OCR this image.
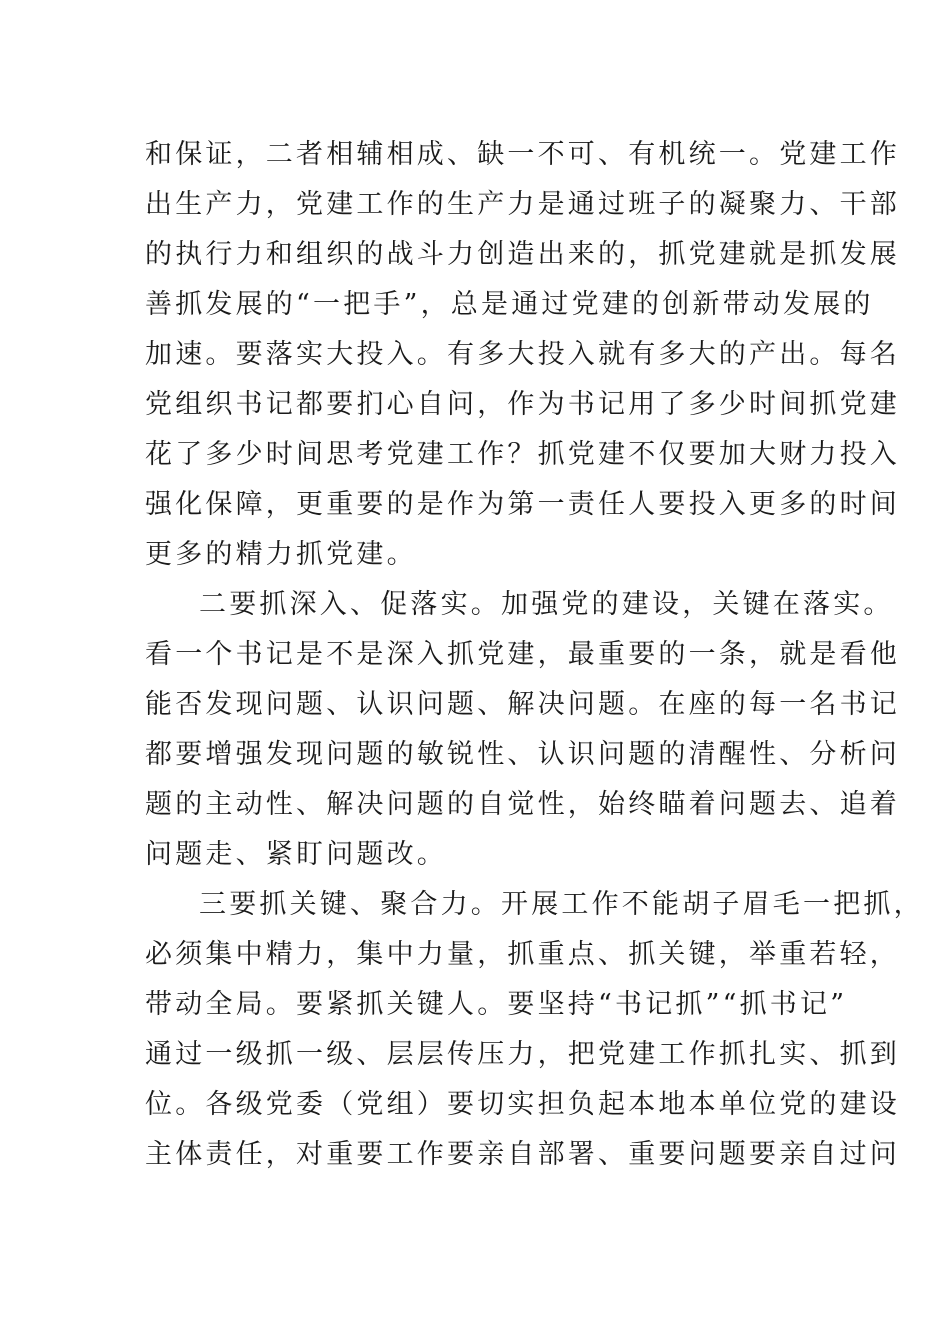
和保证，二者相辅相成、缺一不可、有机统一。党建工作
出生产力，党建工作的生产力是通过班子的凝聚力、干部
的执行力和组织的战斗力创造出来的，抓党建就是抓发展
善抓发展的“一把手”，总是通过党建的创新带动发展的
加速。要落实大投入。有多大投入就有多大的产出。每名
党组织书记都要扪心自问，作为书记用了多少时间抓党建
花了多少时间思考党建工作？抓党建不仅要加大财力投入
强化保障，更重要的是作为第一责任人要投入更多的时间
更多的精力抓党建。
二要抓深入、促落实。加强党的建设，关键在落实。
看一个书记是不是深入抓党建，最重要的一条，就是看他
能否发现问题、认识问题、解决问题。在座的每一名书记
都要增强发现问题的敏锐性、认识问题的清醒性、分析问
题的主动性、解决问题的自觉性，始终瞄着问题去、追着
问题走、紧盯问题改。
三要抓关键、聚合力。开展工作不能胡子眉毛一把抓，
必须集中精力，集中力量，抓重点、抓关键，举重若轻，
带动全局。要紧抓关键人。要坚持“书记抓”“抓书记”
通过一级抓一级、层层传压力，把党建工作抓扎实、抓到
位。各级党委（党组）要切实担负起本地本单位党的建设
主体责任，对重要工作要亲自部署、重要问题要亲自过问
